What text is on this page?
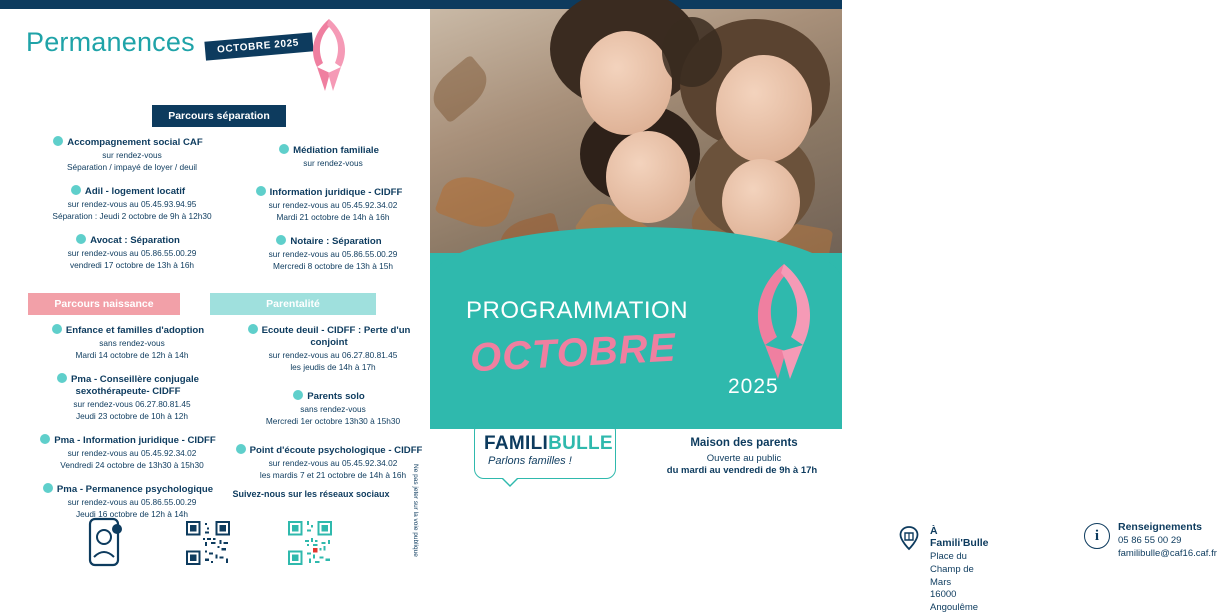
Permanences	OCTOBRE 2025
Parcours séparation
Accompagnement social CAF
sur rendez-vous
Séparation / impayé de loyer / deuil
Adil - logement locatif
sur rendez-vous au 05.45.93.94.95
Séparation : Jeudi 2 octobre de 9h à 12h30
Avocat : Séparation
sur rendez-vous au 05.86.55.00.29
vendredi 17 octobre de 13h à 16h
Médiation familiale
sur rendez-vous
Information juridique - CIDFF
sur rendez-vous au 05.45.92.34.02
Mardi 21 octobre de 14h à 16h
Notaire : Séparation
sur rendez-vous au 05.86.55.00.29
Mercredi 8 octobre de 13h à 15h
Parcours naissance	Parentalité
Enfance et familles d'adoption
sans rendez-vous
Mardi 14 octobre de 12h à 14h
Pma - Conseillère conjugale sexothérapeute- CIDFF
sur rendez-vous 06.27.80.81.45
Jeudi 23 octobre de 10h à 12h
Pma - Information juridique - CIDFF
sur rendez-vous au 05.45.92.34.02
Vendredi 24 octobre de 13h30 à 15h30
Pma - Permanence psychologique
sur rendez-vous au 05.86.55.00.29
Jeudi 16 octobre de 12h à 14h
Ecoute deuil - CIDFF : Perte d'un conjoint
sur rendez-vous au 06.27.80.81.45
les jeudis de 14h à 17h
Parents solo
sans rendez-vous
Mercredi 1er octobre 13h30 à 15h30
Point d'écoute psychologique - CIDFF
sur rendez-vous au 05.45.92.34.02
les mardis 7 et 21 octobre de 14h à 16h
Suivez-nous sur les réseaux sociaux	Ne pas jeter sur la voie publique
PROGRAMMATION
OCTOBRE
2025
FAMILIBULLE
Parlons familles !
Maison des parents
Ouverte au public
du mardi au vendredi de 9h à 17h
À Famili'Bulle
Place du Champ de Mars
16000 Angoulême
i
Renseignements
05 86 55 00 29
familibulle@caf16.caf.fr
